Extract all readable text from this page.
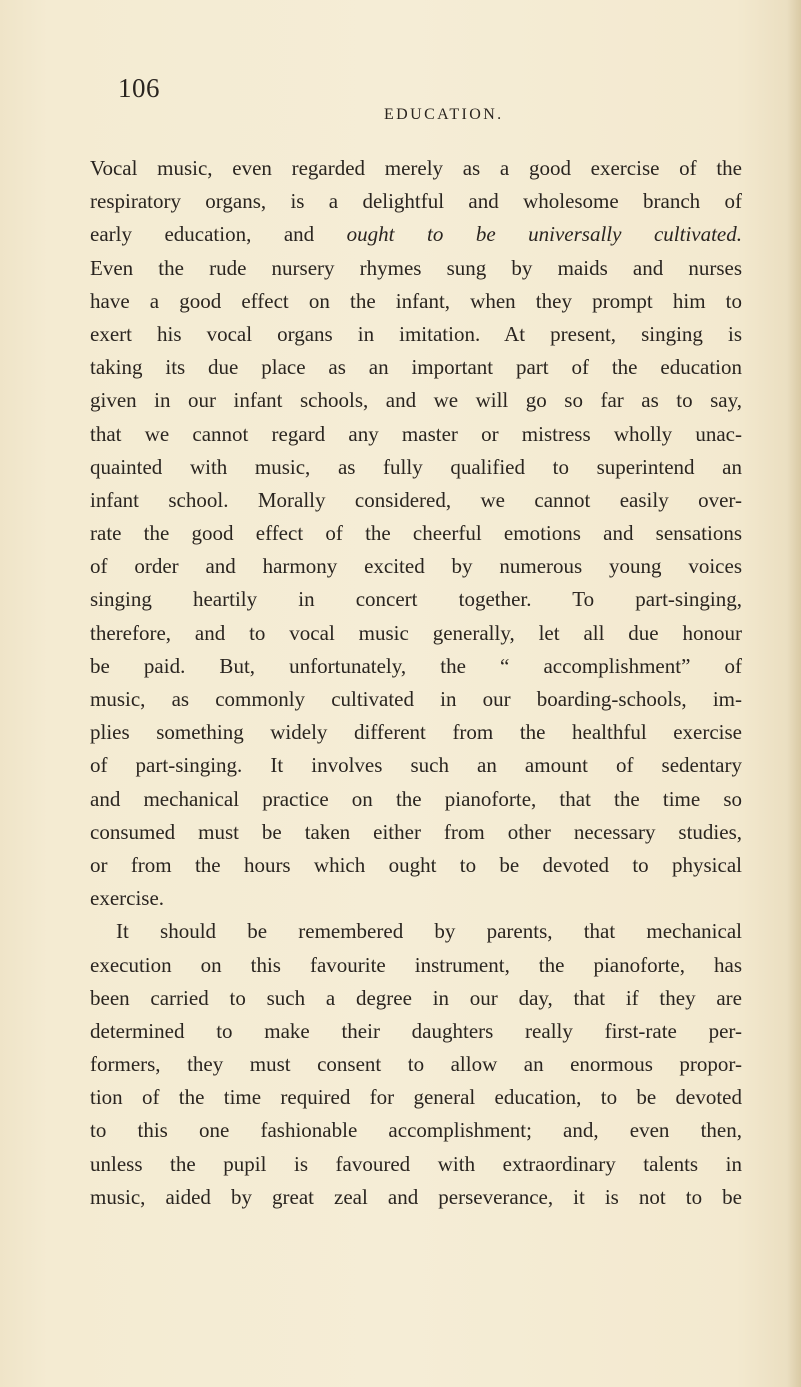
106
EDUCATION.
Vocal music, even regarded merely as a good exercise of the
respiratory organs, is a delightful and wholesome branch of
early education, and ought to be universally cultivated.
Even the rude nursery rhymes sung by maids and nurses
have a good effect on the infant, when they prompt him to
exert his vocal organs in imitation. At present, singing is
taking its due place as an important part of the education
given in our infant schools, and we will go so far as to say,
that we cannot regard any master or mistress wholly unac-
quainted with music, as fully qualified to superintend an
infant school. Morally considered, we cannot easily over-
rate the good effect of the cheerful emotions and sensations
of order and harmony excited by numerous young voices
singing heartily in concert together. To part-singing,
therefore, and to vocal music generally, let all due honour
be paid. But, unfortunately, the “ accomplishment” of
music, as commonly cultivated in our boarding-schools, im-
plies something widely different from the healthful exercise
of part-singing. It involves such an amount of sedentary
and mechanical practice on the pianoforte, that the time so
consumed must be taken either from other necessary studies,
or from the hours which ought to be devoted to physical
exercise.
It should be remembered by parents, that mechanical
execution on this favourite instrument, the pianoforte, has
been carried to such a degree in our day, that if they are
determined to make their daughters really first-rate per-
formers, they must consent to allow an enormous propor-
tion of the time required for general education, to be devoted
to this one fashionable accomplishment; and, even then,
unless the pupil is favoured with extraordinary talents in
music, aided by great zeal and perseverance, it is not to be
